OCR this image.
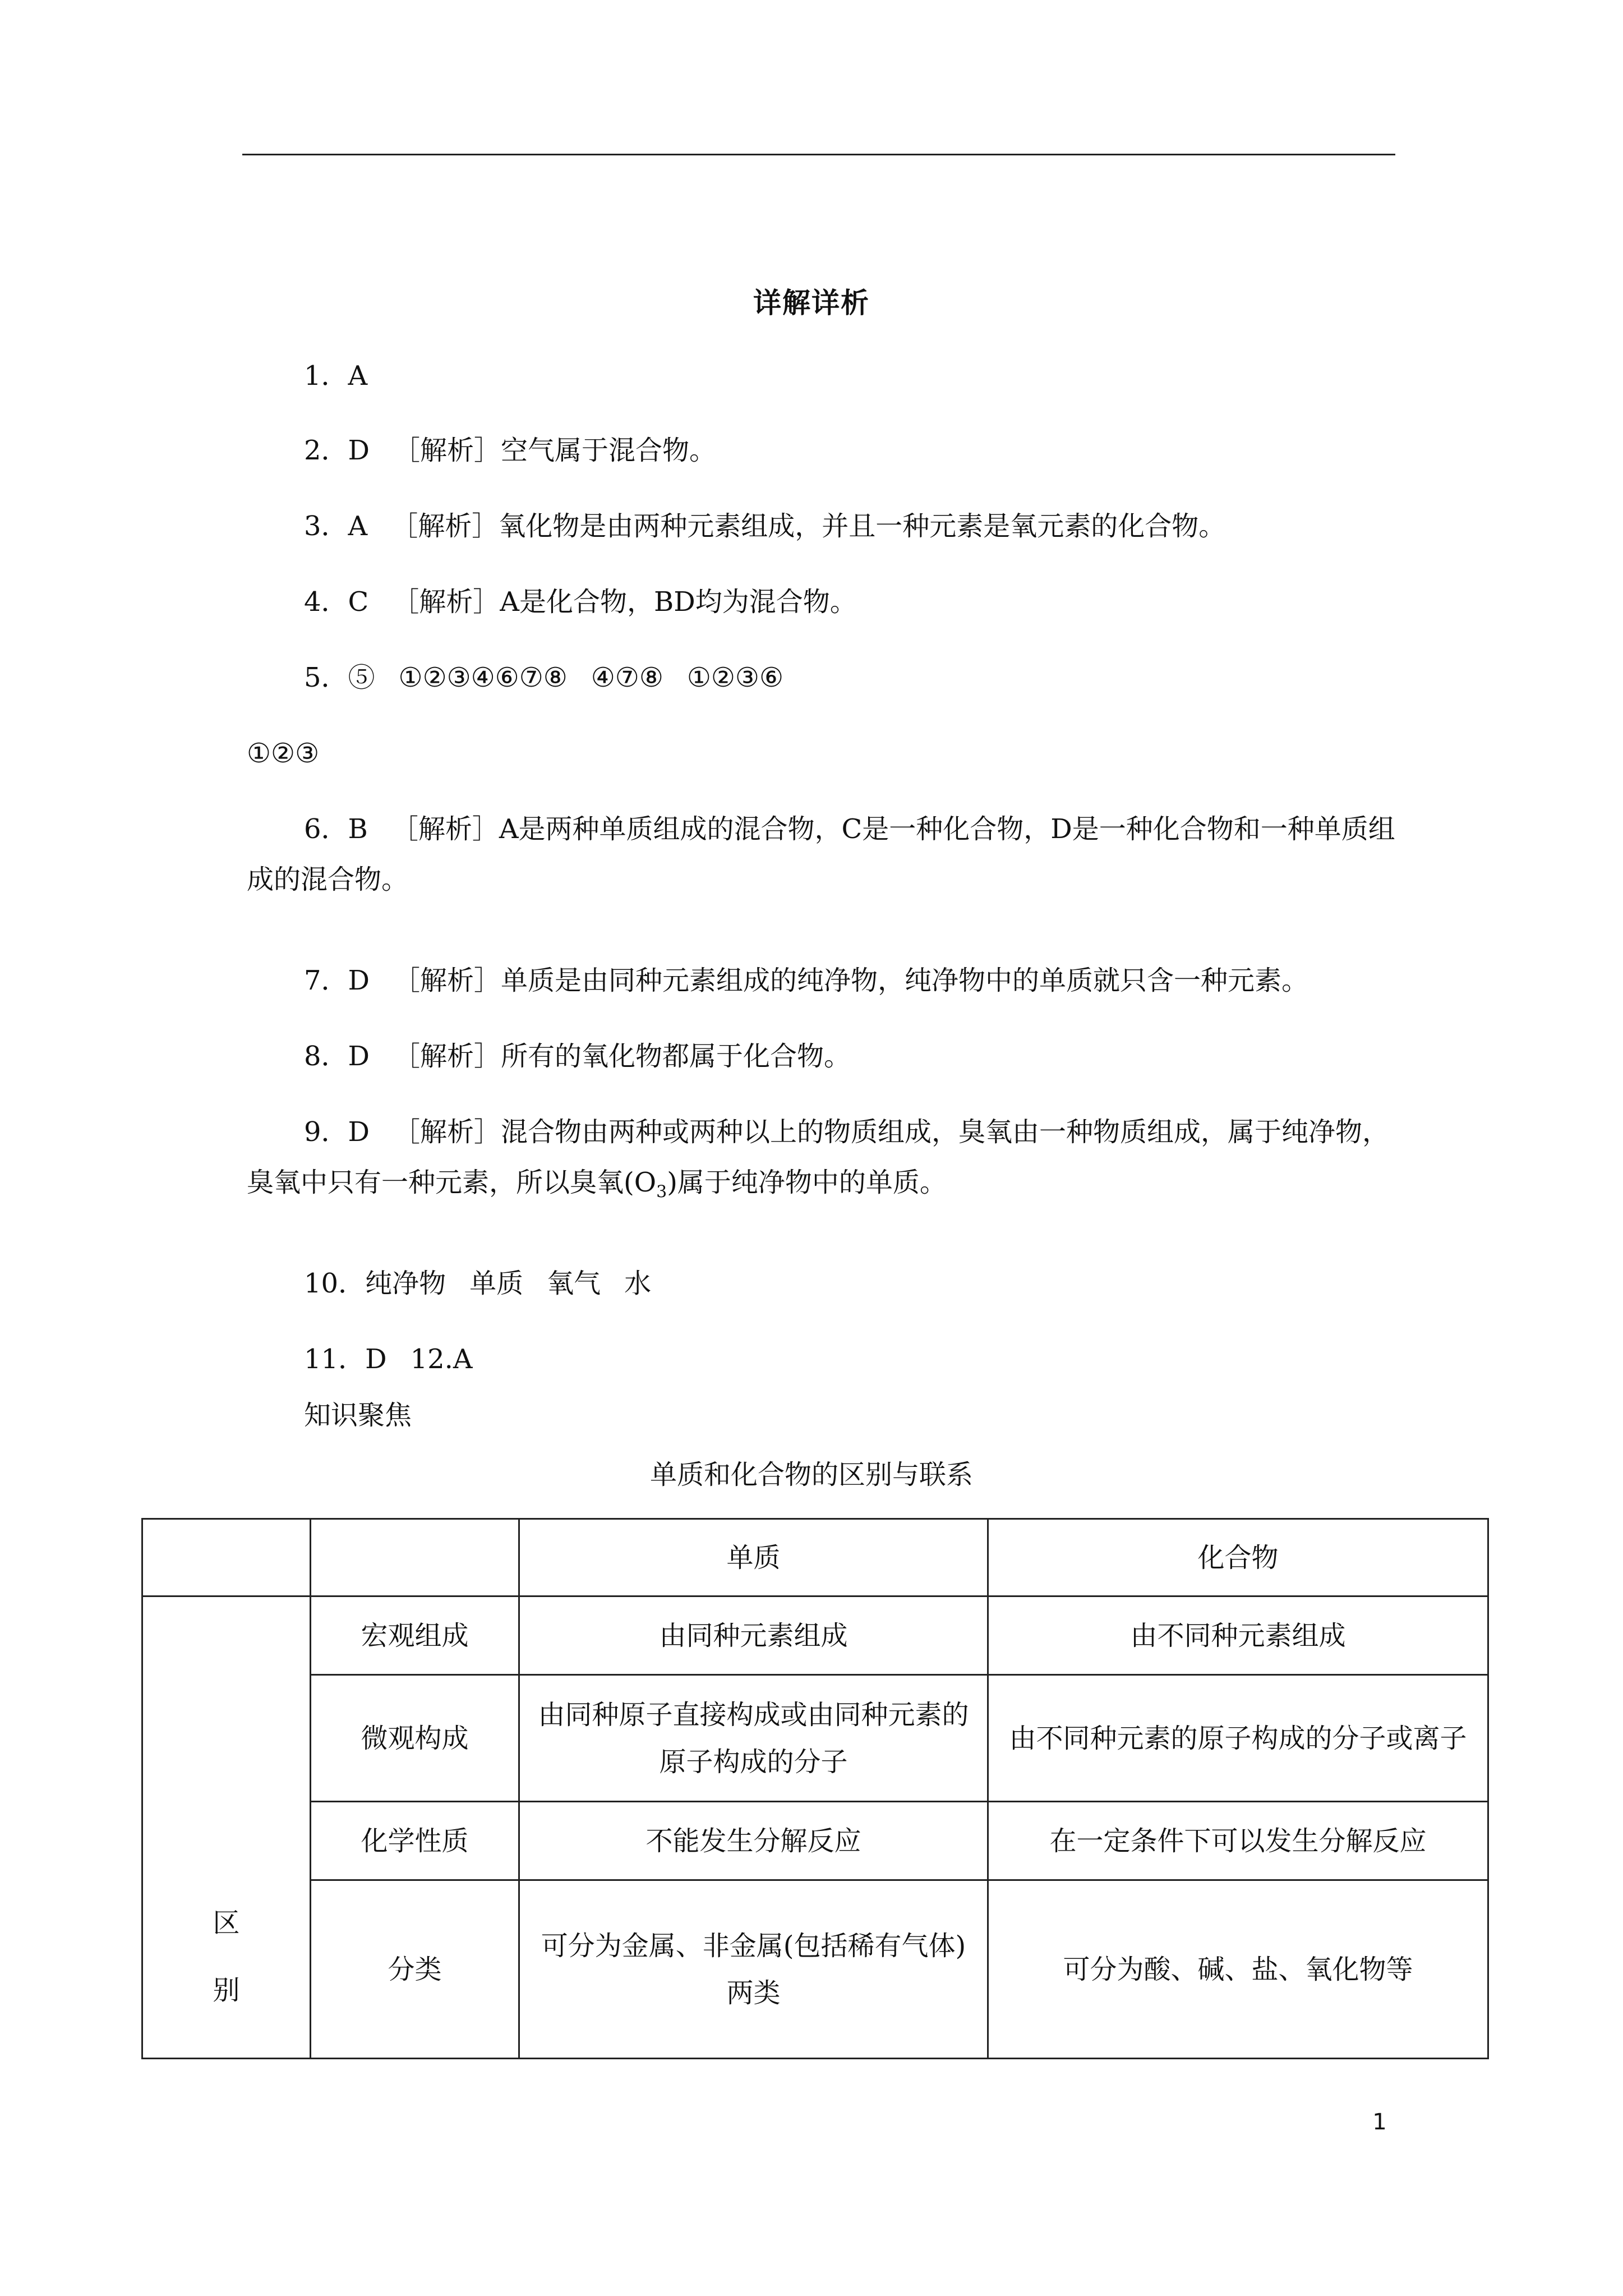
详解详析
1．A
2．D ［解析］空气属于混合物。
3．A ［解析］氧化物是由两种元素组成，并且一种元素是氧元素的化合物。
4．C ［解析］A是化合物，BD均为混合物。
5．⑤ ①②③④⑥⑦⑧ ④⑦⑧ ①②③⑥
①②③
6．B ［解析］A是两种单质组成的混合物，C是一种化合物，D是一种化合物和一种单质组成的混合物。
7．D ［解析］单质是由同种元素组成的纯净物，纯净物中的单质就只含一种元素。
8．D ［解析］所有的氧化物都属于化合物。
9．D ［解析］混合物由两种或两种以上的物质组成，臭氧由一种物质组成，属于纯净物，臭氧中只有一种元素，所以臭氧$(O_3)$属于纯净物中的单质。
10．纯净物 单质 氧气 水
11．D 12.A
知识聚焦
单质和化合物的区别与联系
		单质	化合物

区
别	宏观组成	由同种元素组成	由不同种元素组成
	微观构成	由同种原子直接构成或由同种元素的原子构成的分子	由不同种元素的原子构成的分子或离子
	化学性质	不能发生分解反应	在一定条件下可以发生分解反应
	分类	可分为金属、非金属(包括稀有气体)两类	可分为酸、碱、盐、氧化物等
1
